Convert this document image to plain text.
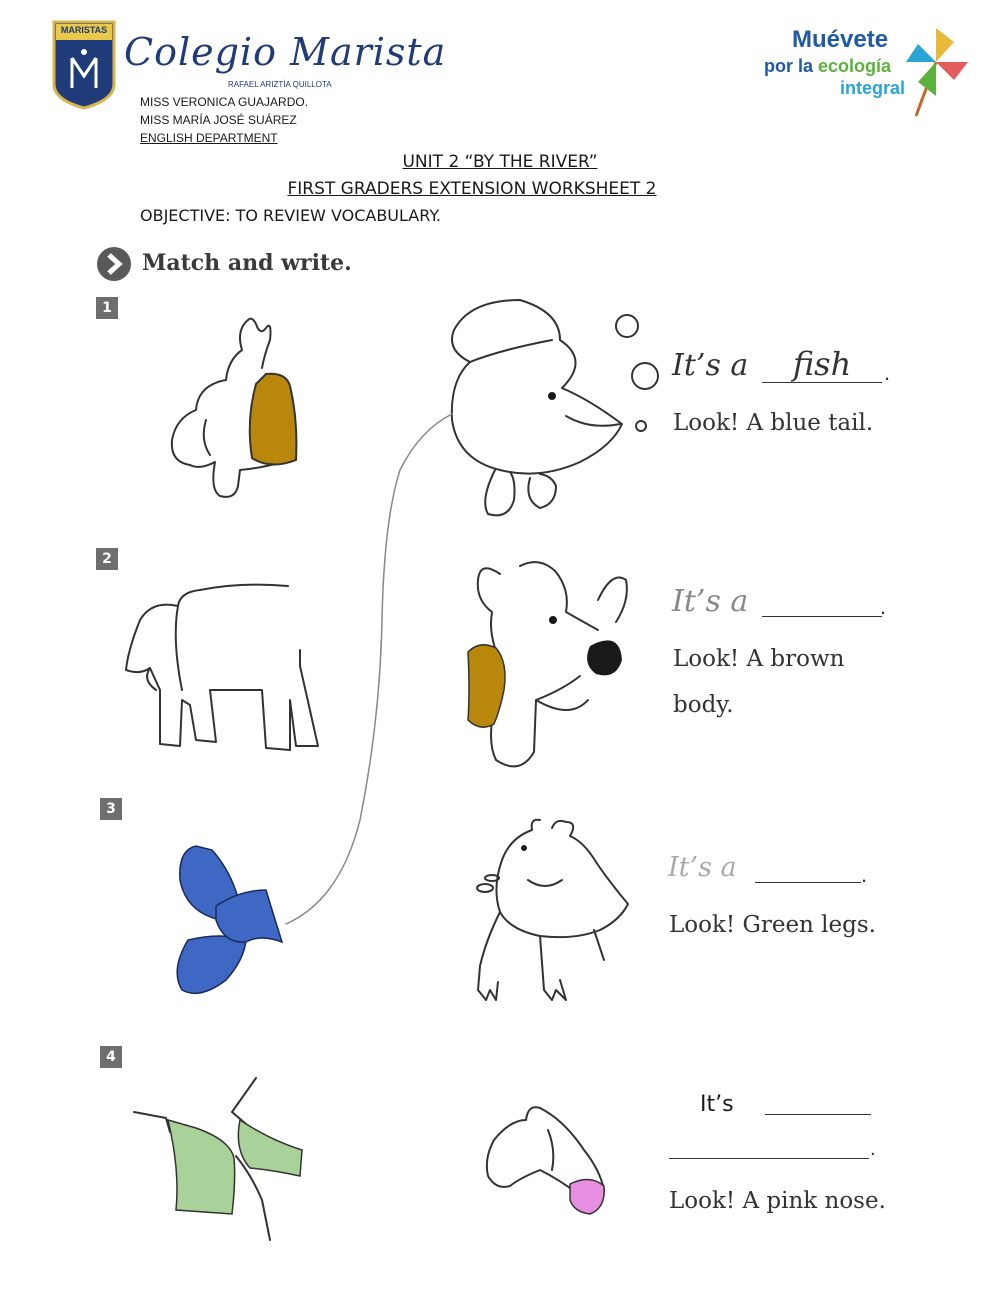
MARISTAS Colegio Marista
RAFAEL ARIZTÍA QUILLOTA
MISS VERONICA GUAJARDO.
MISS MARÍA JOSÉ SUÁREZ
ENGLISH DEPARTMENT
Muévete
por la ecología
integral
UNIT 2 “BY THE RIVER”
FIRST GRADERS EXTENSION WORKSHEET 2
OBJECTIVE: TO REVIEW VOCABULARY.
Match and write.
1
2
3
4
It’s a	fish	.
Look! A blue tail.
It’s a	.
Look! A brown
body.
It’s a	.
Look! Green legs.
It’s
.
Look! A pink nose.
